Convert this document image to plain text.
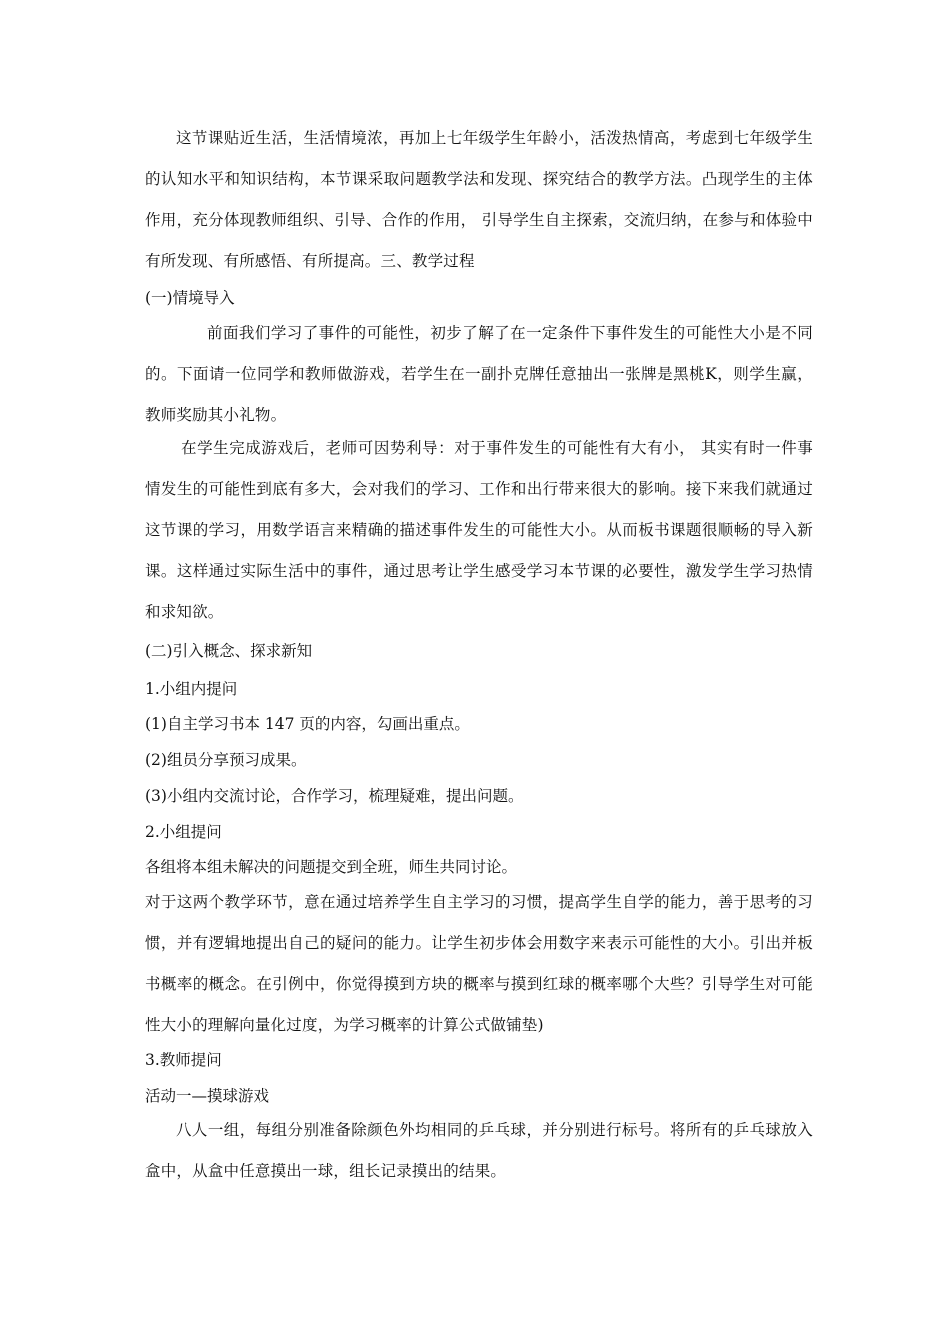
这节课贴近生活，生活情境浓，再加上七年级学生年龄小，活泼热情高，考虑到七年级学生的认知水平和知识结构，本节课采取问题教学法和发现、探究结合的教学方法。凸现学生的主体作用，充分体现教师组织、引导、合作的作用， 引导学生自主探索，交流归纳，在参与和体验中有所发现、有所感悟、有所提高。三、教学过程

(一)情境导入

前面我们学习了事件的可能性，初步了解了在一定条件下事件发生的可能性大小是不同的。下面请一位同学和教师做游戏，若学生在一副扑克牌任意抽出一张牌是黑桃K，则学生赢，教师奖励其小礼物。

在学生完成游戏后，老师可因势利导：对于事件发生的可能性有大有小， 其实有时一件事情发生的可能性到底有多大，会对我们的学习、工作和出行带来很大的影响。接下来我们就通过这节课的学习，用数学语言来精确的描述事件发生的可能性大小。从而板书课题很顺畅的导入新课。这样通过实际生活中的事件，通过思考让学生感受学习本节课的必要性，激发学生学习热情和求知欲。

(二)引入概念、探求新知

1.小组内提问

(1)自主学习书本 147 页的内容，勾画出重点。

(2)组员分享预习成果。

(3)小组内交流讨论，合作学习，梳理疑难，提出问题。

2.小组提问

各组将本组未解决的问题提交到全班，师生共同讨论。

对于这两个教学环节，意在通过培养学生自主学习的习惯，提高学生自学的能力，善于思考的习惯，并有逻辑地提出自己的疑问的能力。让学生初步体会用数字来表示可能性的大小。引出并板书概率的概念。在引例中，你觉得摸到方块的概率与摸到红球的概率哪个大些？引导学生对可能性大小的理解向量化过度，为学习概率的计算公式做铺垫)

3.教师提问

活动一—摸球游戏

八人一组，每组分别准备除颜色外均相同的乒乓球，并分别进行标号。将所有的乒乓球放入盒中，从盒中任意摸出一球，组长记录摸出的结果。
